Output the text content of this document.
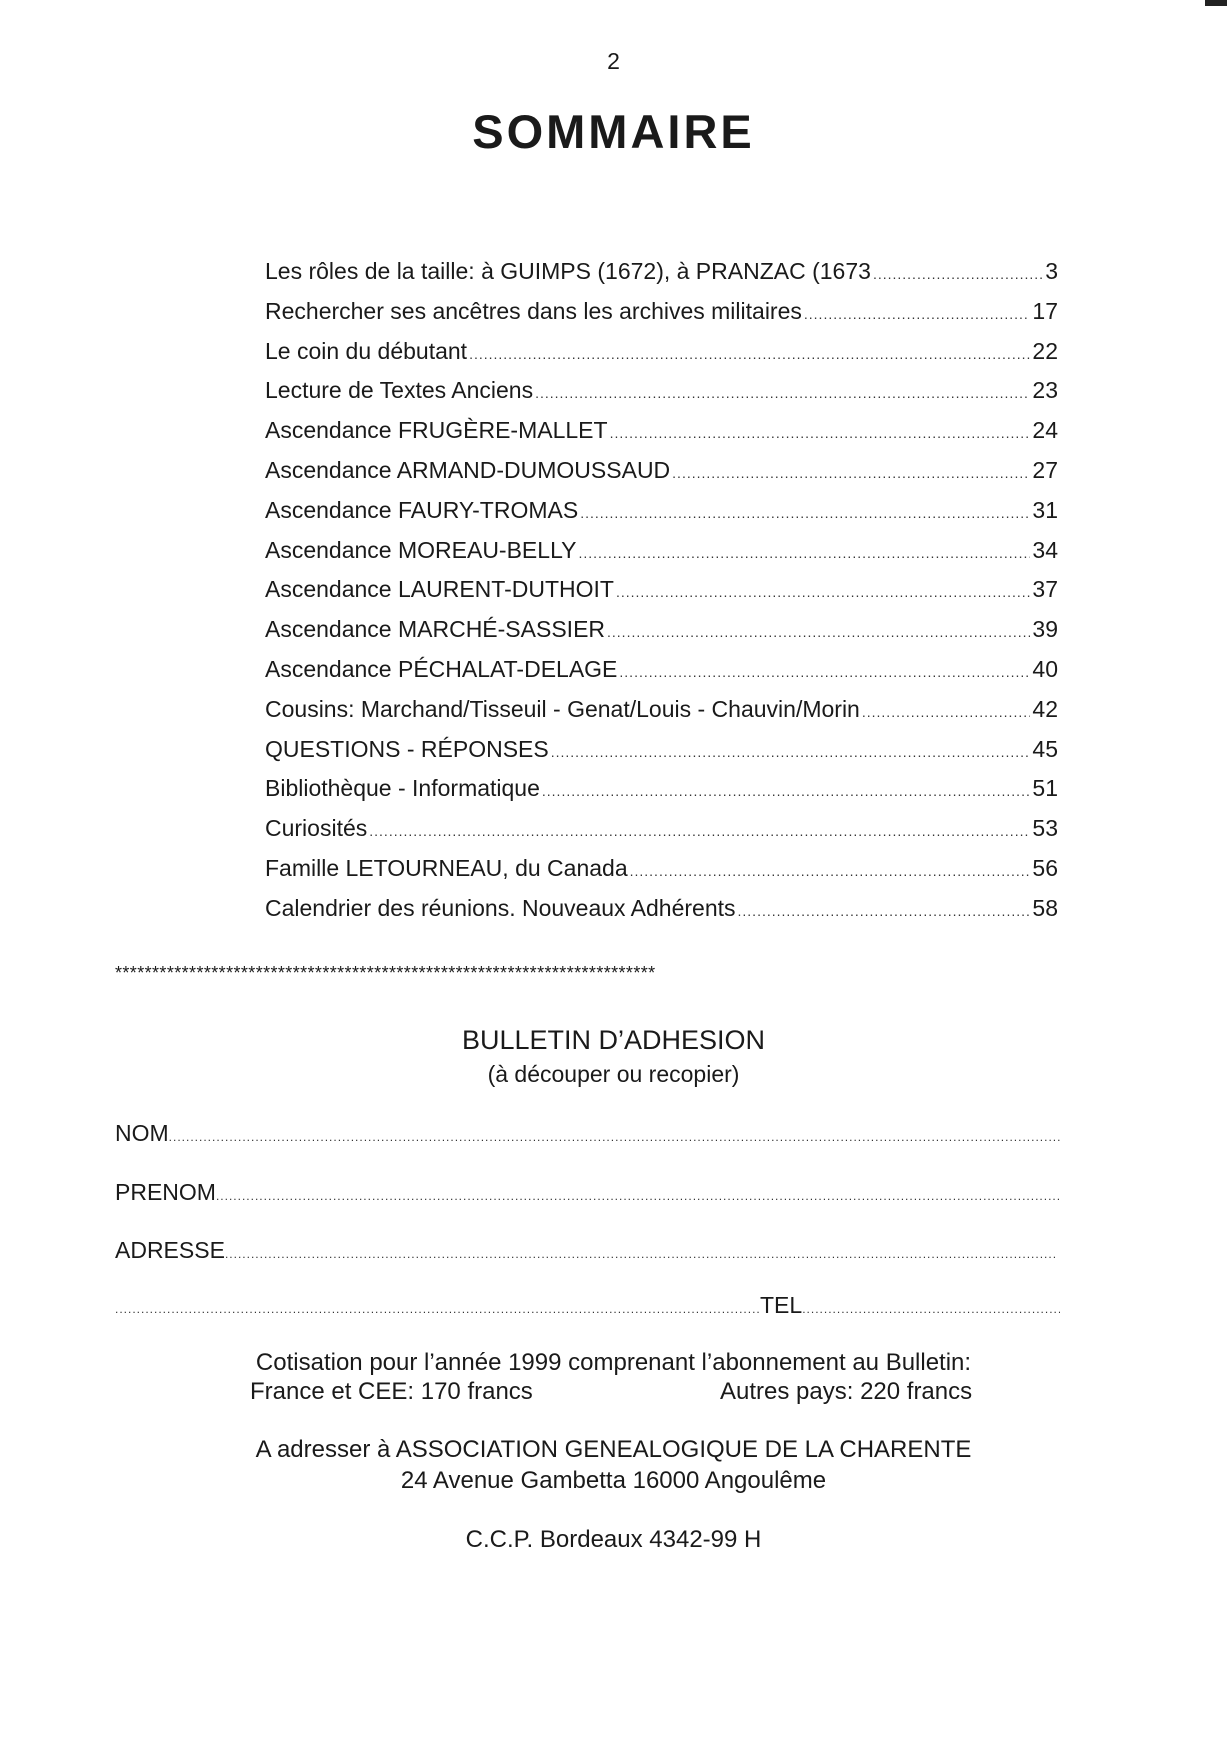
2
SOMMAIRE
Les rôles de la taille: à GUIMPS (1672), à PRANZAC (1673 .....	3
Rechercher ses ancêtres dans les archives militaires .....	17
Le coin du débutant .....	22
Lecture de Textes Anciens .....	23
Ascendance FRUGÈRE-MALLET .....	24
Ascendance ARMAND-DUMOUSSAUD .....	27
Ascendance FAURY-TROMAS .....	31
Ascendance MOREAU-BELLY .....	34
Ascendance LAURENT-DUTHOIT .....	37
Ascendance MARCHÉ-SASSIER .....	39
Ascendance PÉCHALAT-DELAGE .....	40
Cousins: Marchand/Tisseuil - Genat/Louis - Chauvin/Morin .....	42
QUESTIONS - RÉPONSES .....	45
Bibliothèque - Informatique .....	51
Curiosités .....	53
Famille LETOURNEAU, du Canada .....	56
Calendrier des réunions. Nouveaux Adhérents .....	58
*************************************************************************
BULLETIN D’ADHESION
(à découper ou recopier)
NOM
.....
PRENOM
.....
ADRESSE
.....
.....
TEL
.....
Cotisation pour l’année 1999 comprenant l’abonnement au Bulletin:
France et CEE: 170 francs	Autres pays: 220 francs
A adresser à ASSOCIATION GENEALOGIQUE DE LA CHARENTE
24 Avenue Gambetta 16000 Angoulême
C.C.P. Bordeaux 4342-99 H
